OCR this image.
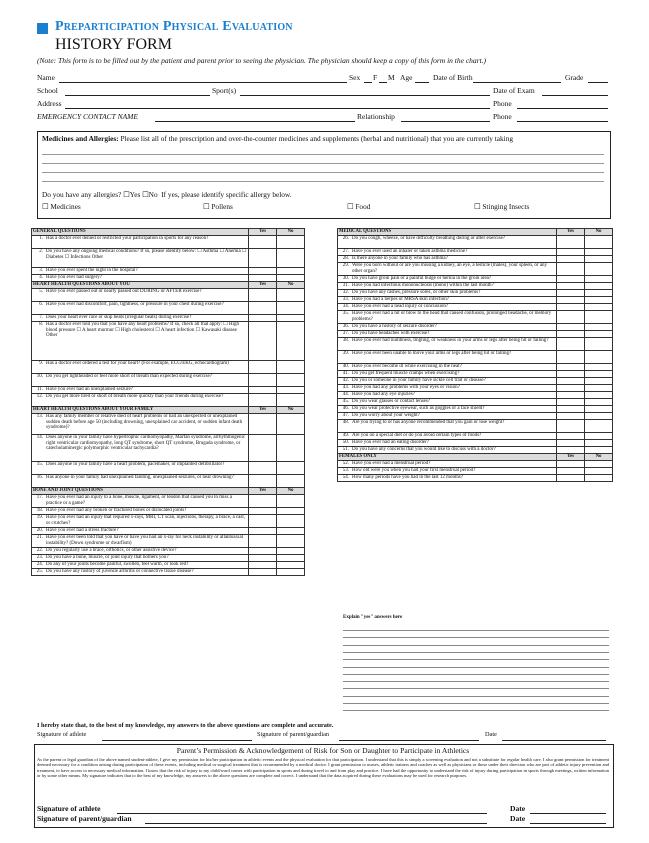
Preparticipation Physical Evaluation
HISTORY FORM
(Note: This form is to be filled out by the patient and parent prior to seeing the physician. The physician should keep a copy of this form in the chart.)
Name	Sex F M Age	Date of Birth	Grade
School	Sport(s)	Date of Exam
Address	Phone
EMERGENCY CONTACT NAME	Relationship	Phone
Medicines and Allergies: Please list all of the prescription and over-the-counter medicines and supplements (herbal and nutritional) that you are currently taking
Do you have any allergies? ☐Yes ☐No If yes, please identify specific allergy below.
☐ Medicines	☐ Pollens	☐ Food	☐ Stinging Insects
GENERAL QUESTIONS		Yes	No
1.	Has a doctor ever denied or restricted your participation in sports for any reason?		
2.	Do you have any ongoing medical conditions? If so, please identify below: ☐ Asthma ☐ Anemia ☐ Diabetes ☐ Infections Other		
3.	Have you ever spent the night in the hospital?		
4.	Have you ever had surgery?		
HEART HEALTH QUESTIONS ABOUT YOU		Yes	No
5.	Have you ever passed out or nearly passed out DURING or AFTER exercise?		
6.	Have you ever had discomfort, pain, tightness, or pressure in your chest during exercise?		
7.	Does your heart ever race or skip beats (irregular beats) during exercise?		
8.	Has a doctor ever told you that you have any heart problems? If so, check all that apply: ☐ High blood pressure ☐ A heart murmur ☐ High cholesterol ☐ A heart infection ☐ Kawasaki disease Other		
9.	Has a doctor ever ordered a test for your heart? (For example, ECG/EKG, echocardiogram)		
10.	Do you get lightheaded or feel more short of breath than expected during exercise?		
11.	Have you ever had an unexplained seizure?		
12.	Do you get more tired or short of breath more quickly than your friends during exercise?		
HEART HEALTH QUESTIONS ABOUT YOUR FAMILY		Yes	No
13.	Has any family member or relative died of heart problems or had an unexpected or unexplained sudden death before age 50 (including drowning, unexplained car accident, or sudden infant death syndrome)?		
14.	Does anyone in your family have hypertrophic cardiomyopathy, Marfan syndrome, arrhythmogenic right ventricular cardiomyopathy, long QT syndrome, short QT syndrome, Brugada syndrome, or catecholaminergic polymorphic ventricular tachycardia?		
15.	Does anyone in your family have a heart problem, pacemaker, or implanted defibrillator?		
16.	Has anyone in your family had unexplained fainting, unexplained seizures, or near drowning?		
BONE AND JOINT QUESTIONS		Yes	No
17.	Have you ever had an injury to a bone, muscle, ligament, or tendon that caused you to miss a practice or a game?		
18.	Have you ever had any broken or fractured bones or dislocated joints?		
19.	Have you ever had an injury that required x-rays, MRI, CT scan, injections, therapy, a brace, a cast, or crutches?		
20.	Have you ever had a stress fracture?		
21.	Have you ever been told that you have or have you had an x-ray for neck instability or atlantoaxial instability? (Down syndrome or dwarfism)		
22.	Do you regularly use a brace, orthotics, or other assistive device?		
23.	Do you have a bone, muscle, or joint injury that bothers you?		
24.	Do any of your joints become painful, swollen, feel warm, or look red?		
25.	Do you have any history of juvenile arthritis or connective tissue disease?		
MEDICAL QUESTIONS		Yes	No
26.	Do you cough, wheeze, or have difficulty breathing during or after exercise?		
27.	Have you ever used an inhaler or taken asthma medicine?		
28.	Is there anyone in your family who has asthma?		
29.	Were you born without or are you missing a kidney, an eye, a testicle (males), your spleen, or any other organ?		
30.	Do you have groin pain or a painful bulge or hernia in the groin area?		
31.	Have you had infectious mononucleosis (mono) within the last month?		
32.	Do you have any rashes, pressure sores, or other skin problems?		
33.	Have you had a herpes or MRSA skin infection?		
34.	Have you ever had a head injury or concussion?		
35.	Have you ever had a hit or blow to the head that caused confusion, prolonged headache, or memory problems?		
36.	Do you have a history of seizure disorder?		
37.	Do you have headaches with exercise?		
38.	Have you ever had numbness, tingling, or weakness in your arms or legs after being hit or falling?		
39.	Have you ever been unable to move your arms or legs after being hit or falling?		
40.	Have you ever become ill while exercising in the heat?		
41.	Do you get frequent muscle cramps when exercising?		
42.	Do you or someone in your family have sickle cell trait or disease?		
43.	Have you had any problems with your eyes or vision?		
44.	Have you had any eye injuries?		
45.	Do you wear glasses or contact lenses?		
46.	Do you wear protective eyewear, such as goggles or a face shield?		
47.	Do you worry about your weight?		
48.	Are you trying to or has anyone recommended that you gain or lose weight?		
49.	Are you on a special diet or do you avoid certain types of foods?		
50.	Have you ever had an eating disorder?		
51.	Do you have any concerns that you would like to discuss with a doctor?		
FEMALES ONLY		Yes	No
52.	Have you ever had a menstrual period?		
53.	How old were you when you had your first menstrual period?		
54.	How many periods have you had in the last 12 months?		
Explain "yes" answers here
I hereby state that, to the best of my knowledge, my answers to the above questions are complete and accurate.
Signature of athlete	Signature of parent/guardian	Date
Parent’s Permission & Acknowledgement of Risk for Son or Daughter to Participate in Athletics
As the parent or legal guardian of the above named student-athlete, I give my permission for his/her participation in athletic events and the physical evaluation for that participation. I understand that this is simply a screening evaluation and not a substitute for regular health care. I also grant permission for treatment deemed necessary for a condition arising during participation of these events, including medical or surgical treatment that is recommended by a medical doctor. I grant permission to nurses, athletic trainers and coaches as well as physicians or those under their direction who are part of athletic injury prevention and treatment, to have access to necessary medical information. I know that the risk of injury to my child/ward comes with participation in sports and during travel to and from play and practice. I have had the opportunity to understand the risk of injury during participation in sports through meetings, written information or by some other means. My signature indicates that to the best of my knowledge, my answers to the above questions are complete and correct. I understand that the data acquired during these evaluations may be used for research purposes.
Signature of athlete	Date
Signature of parent/guardian	Date
